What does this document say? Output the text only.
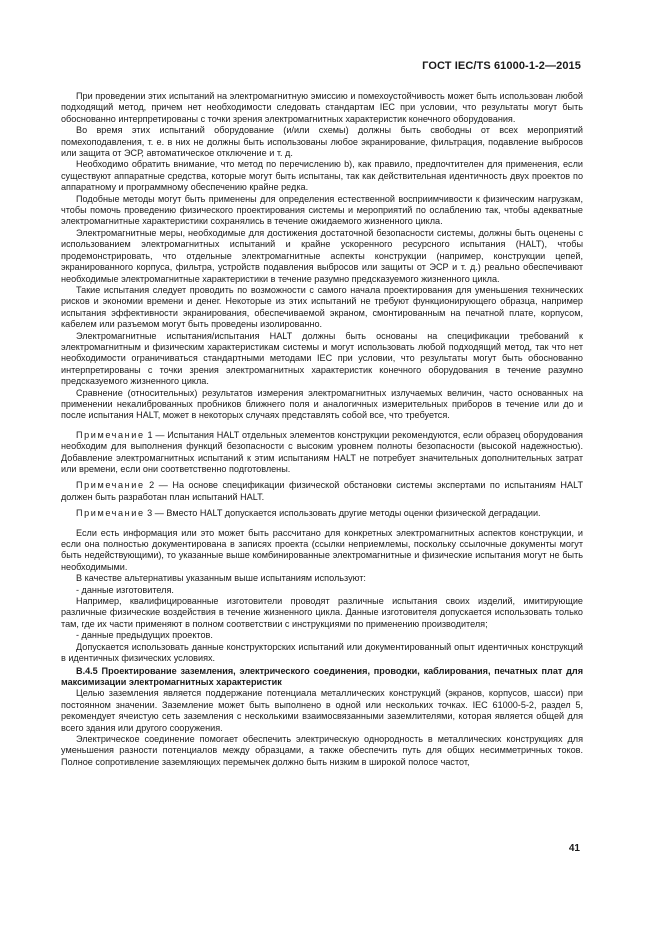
ГОСТ IEC/TS 61000-1-2—2015

При проведении этих испытаний на электромагнитную эмиссию и помехоустойчивость может быть использован любой подходящий метод, причем нет необходимости следовать стандартам IEC при условии, что результаты могут быть обоснованно интерпретированы с точки зрения электромагнитных характеристик конечного оборудования.

Во время этих испытаний оборудование (и/или схемы) должны быть свободны от всех мероприятий помехоподавления, т. е. в них не должны быть использованы любое экранирование, фильтрация, подавление выбросов или защита от ЭСР, автоматическое отключение и т. д.

Необходимо обратить внимание, что метод по перечислению b), как правило, предпочтителен для применения, если существуют аппаратные средства, которые могут быть испытаны, так как действительная идентичность двух проектов по аппаратному и программному обеспечению крайне редка.

Подобные методы могут быть применены для определения естественной восприимчивости к физическим нагрузкам, чтобы помочь проведению физического проектирования системы и мероприятий по ослаблению так, чтобы адекватные электромагнитные характеристики сохранялись в течение ожидаемого жизненного цикла.

Электромагнитные меры, необходимые для достижения достаточной безопасности системы, должны быть оценены с использованием электромагнитных испытаний и крайне ускоренного ресурсного испытания (HALT), чтобы продемонстрировать, что отдельные электромагнитные аспекты конструкции (например, конструкции цепей, экранированного корпуса, фильтра, устройств подавления выбросов или защиты от ЭСР и т. д.) реально обеспечивают необходимые электромагнитные характеристики в течение разумно предсказуемого жизненного цикла.

Такие испытания следует проводить по возможности с самого начала проектирования для уменьшения технических рисков и экономии времени и денег. Некоторые из этих испытаний не требуют функционирующего образца, например испытания эффективности экранирования, обеспечиваемой экраном, смонтированным на печатной плате, корпусом, кабелем или разъемом могут быть проведены изолированно.

Электромагнитные испытания/испытания HALT должны быть основаны на спецификации требований к электромагнитным и физическим характеристикам системы и могут использовать любой подходящий метод, так что нет необходимости ограничиваться стандартными методами IEC при условии, что результаты могут быть обоснованно интерпретированы с точки зрения электромагнитных характеристик конечного оборудования в течение разумно предсказуемого жизненного цикла.

Сравнение (относительных) результатов измерения электромагнитных излучаемых величин, часто основанных на применении некалиброванных пробников ближнего поля и аналогичных измерительных приборов в течение или до и после испытания HALT, может в некоторых случаях представлять собой все, что требуется.

Примечание 1 — Испытания HALT отдельных элементов конструкции рекомендуются, если образец оборудования необходим для выполнения функций безопасности с высоким уровнем полноты безопасности (высокой надежностью). Добавление электромагнитных испытаний к этим испытаниям HALT не потребует значительных дополнительных затрат или времени, если они соответственно подготовлены.

Примечание 2 — На основе спецификации физической обстановки системы экспертами по испытаниям HALT должен быть разработан план испытаний HALT.

Примечание 3 — Вместо HALT допускается использовать другие методы оценки физической деградации.

Если есть информация или это может быть рассчитано для конкретных электромагнитных аспектов конструкции, и если она полностью документирована в записях проекта (ссылки неприемлемы, поскольку ссылочные документы могут быть недействующими), то указанные выше комбинированные электромагнитные и физические испытания могут не быть необходимыми.

В качестве альтернативы указанным выше испытаниям используют:

- данные изготовителя.

Например, квалифицированные изготовители проводят различные испытания своих изделий, имитирующие различные физические воздействия в течение жизненного цикла. Данные изготовителя допускается использовать только там, где их части применяют в полном соответствии с инструкциями по применению производителя;

- данные предыдущих проектов.

Допускается использовать данные конструкторских испытаний или документированный опыт идентичных конструкций в идентичных физических условиях.

В.4.5 Проектирование заземления, электрического соединения, проводки, каблирования, печатных плат для максимизации электромагнитных характеристик

Целью заземления является поддержание потенциала металлических конструкций (экранов, корпусов, шасси) при постоянном значении. Заземление может быть выполнено в одной или нескольких точках. IEC 61000-5-2, раздел 5, рекомендует ячеистую сеть заземления с несколькими взаимосвязанными заземлителями, которая является общей для всего здания или другого сооружения.

Электрическое соединение помогает обеспечить электрическую однородность в металлических конструкциях для уменьшения разности потенциалов между образцами, а также обеспечить путь для общих несимметричных токов. Полное сопротивление заземляющих перемычек должно быть низким в широкой полосе частот,

41
